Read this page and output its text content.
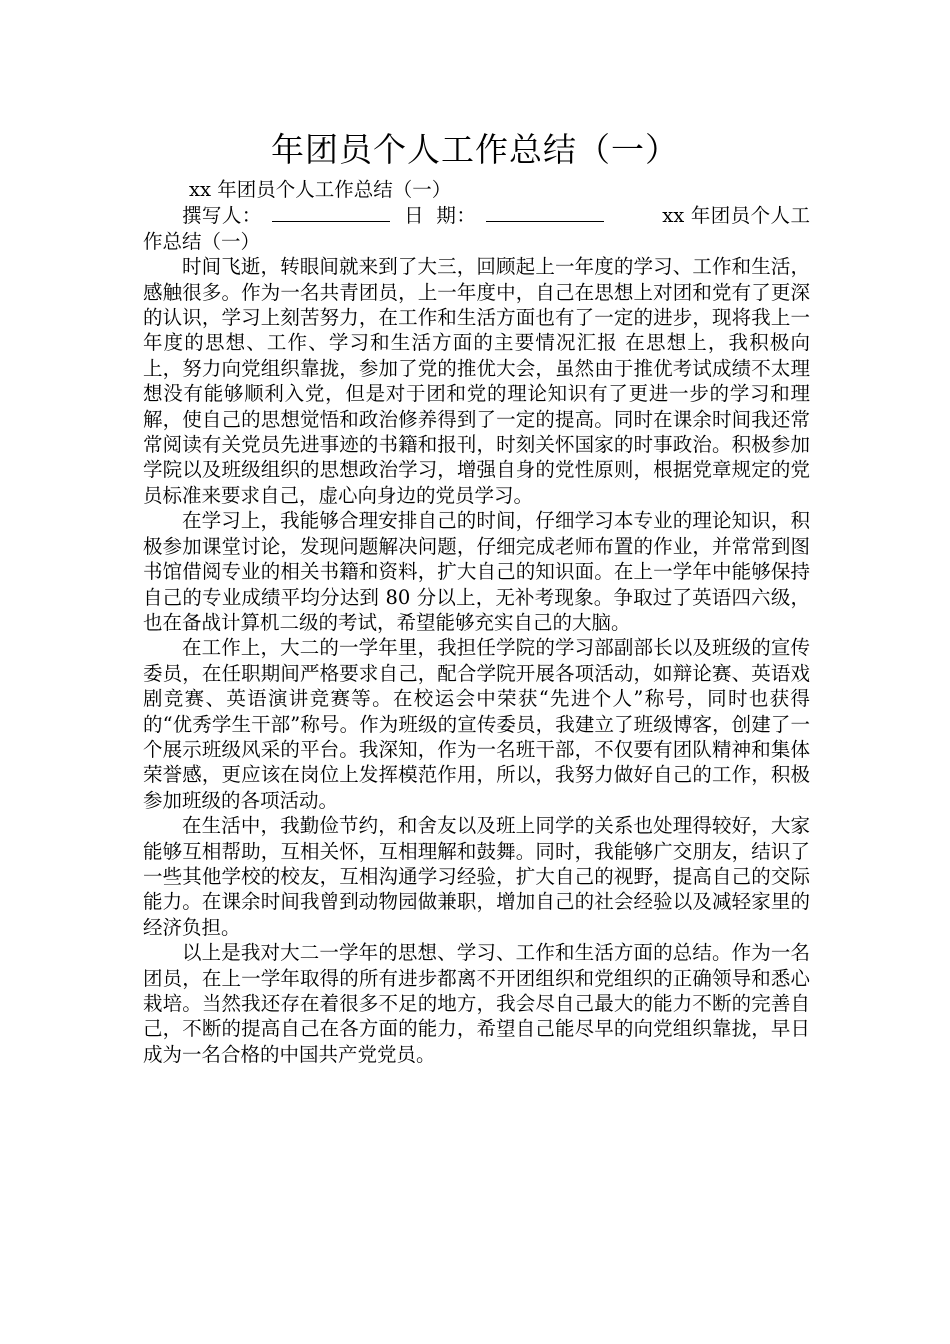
年团员个人工作总结（一）

xx 年团员个人工作总结（一）

撰写人：	日 期：	xx 年团员个人工作总结（一）

时间飞逝，转眼间就来到了大三，回顾起上一年度的学习、工作和生活，感触很多。作为一名共青团员，上一年度中，自己在思想上对团和党有了更深的认识，学习上刻苦努力，在工作和生活方面也有了一定的进步，现将我上一年度的思想、工作、学习和生活方面的主要情况汇报 在思想上，我积极向上，努力向党组织靠拢，参加了党的推优大会，虽然由于推优考试成绩不太理想没有能够顺利入党，但是对于团和党的理论知识有了更进一步的学习和理解，使自己的思想觉悟和政治修养得到了一定的提高。同时在课余时间我还常常阅读有关党员先进事迹的书籍和报刊，时刻关怀国家的时事政治。积极参加学院以及班级组织的思想政治学习，增强自身的党性原则，根据党章规定的党员标准来要求自己，虚心向身边的党员学习。

在学习上，我能够合理安排自己的时间，仔细学习本专业的理论知识，积极参加课堂讨论，发现问题解决问题，仔细完成老师布置的作业，并常常到图书馆借阅专业的相关书籍和资料，扩大自己的知识面。在上一学年中能够保持自己的专业成绩平均分达到 80 分以上，无补考现象。争取过了英语四六级，也在备战计算机二级的考试，希望能够充实自己的大脑。

在工作上，大二的一学年里，我担任学院的学习部副部长以及班级的宣传委员，在任职期间严格要求自己，配合学院开展各项活动，如辩论赛、英语戏剧竞赛、英语演讲竞赛等。在校运会中荣获“先进个人”称号，同时也获得的“优秀学生干部”称号。作为班级的宣传委员，我建立了班级博客，创建了一个展示班级风采的平台。我深知，作为一名班干部，不仅要有团队精神和集体荣誉感，更应该在岗位上发挥模范作用，所以，我努力做好自己的工作，积极参加班级的各项活动。

在生活中，我勤俭节约，和舍友以及班上同学的关系也处理得较好，大家能够互相帮助，互相关怀，互相理解和鼓舞。同时，我能够广交朋友，结识了一些其他学校的校友，互相沟通学习经验，扩大自己的视野，提高自己的交际能力。在课余时间我曾到动物园做兼职，增加自己的社会经验以及减轻家里的经济负担。

以上是我对大二一学年的思想、学习、工作和生活方面的总结。作为一名团员，在上一学年取得的所有进步都离不开团组织和党组织的正确领导和悉心栽培。当然我还存在着很多不足的地方，我会尽自己最大的能力不断的完善自己，不断的提高自己在各方面的能力，希望自己能尽早的向党组织靠拢，早日成为一名合格的中国共产党党员。
